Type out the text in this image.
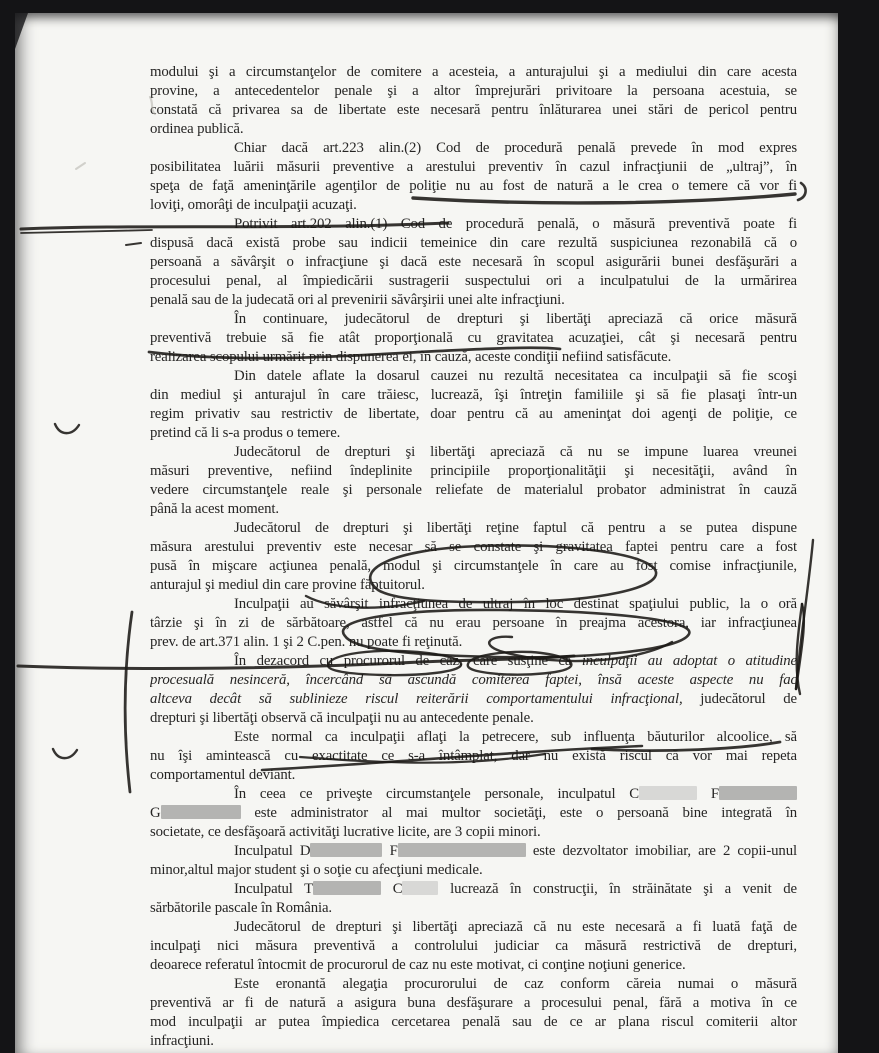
modului şi a circumstanţelor de comitere a acesteia, a anturajului şi a mediului din care acesta
provine, a antecedentelor penale şi a altor împrejurări privitoare la persoana acestuia, se
constată că privarea sa de libertate este necesară pentru înlăturarea unei stări de pericol pentru
ordinea publică.
Chiar dacă art.223 alin.(2) Cod de procedură penală prevede în mod expres
posibilitatea luării măsurii preventive a arestului preventiv în cazul infracţiunii de „ultraj”, în
speţa de faţă ameninţările agenţilor de poliţie nu au fost de natură a le crea o temere că vor fi
loviţi, omorâţi de inculpaţii acuzaţi.
Potrivit art.202 alin.(1) Cod de procedură penală, o măsură preventivă poate fi
dispusă dacă există probe sau indicii temeinice din care rezultă suspiciunea rezonabilă că o
persoană a săvârşit o infracţiune şi dacă este necesară în scopul asigurării bunei desfăşurări a
procesului penal, al împiedicării sustragerii suspectului ori a inculpatului de la urmărirea
penală sau de la judecată ori al prevenirii săvârşirii unei alte infracţiuni.
În continuare, judecătorul de drepturi şi libertăţi apreciază că orice măsură
preventivă trebuie să fie atât proporţională cu gravitatea acuzaţiei, cât şi necesară pentru
realizarea scopului urmărit prin dispunerea ei, în cauză, aceste condiţii nefiind satisfăcute.
Din datele aflate la dosarul cauzei nu rezultă necesitatea ca inculpaţii să fie scoşi
din mediul şi anturajul în care trăiesc, lucrează, îşi întreţin familiile şi să fie plasaţi într-un
regim privativ sau restrictiv de libertate, doar pentru că au ameninţat doi agenţi de poliţie, ce
pretind că li s-a produs o temere.
Judecătorul de drepturi şi libertăţi apreciază că nu se impune luarea vreunei
măsuri preventive, nefiind îndeplinite principiile proporţionalităţii şi necesităţii, având în
vedere circumstanţele reale şi personale reliefate de materialul probator administrat în cauză
până la acest moment.
Judecătorul de drepturi şi libertăţi reţine faptul că pentru a se putea dispune
măsura arestului preventiv este necesar să se constate şi gravitatea faptei pentru care a fost
pusă în mişcare acţiunea penală, modul şi circumstanţele în care au fost comise infracţiunile,
anturajul şi mediul din care provine făptuitorul.
Inculpaţii au săvârşit infracţiunea de ultraj în loc destinat spaţiului public, la o oră
târzie şi în zi de sărbătoare, astfel că nu erau persoane în preajma acestora, iar infracţiunea
prev. de art.371 alin. 1 şi 2 C.pen. nu poate fi reţinută.
În dezacord cu procurorul de caz, care susţine că inculpaţii au adoptat o atitudine
procesuală nesinceră, încercând să ascundă comiterea faptei, însă aceste aspecte nu fac
altceva decât să sublinieze riscul reiterării comportamentului infracţional, judecătorul de
drepturi şi libertăţi observă că inculpaţii nu au antecedente penale.
Este normal ca inculpaţii aflaţi la petrecere, sub influenţa băuturilor alcoolice, să
nu îşi amintească cu exactitate ce s-a întâmplat, dar nu există riscul că vor mai repeta
comportamentul deviant.
În ceea ce priveşte circumstanţele personale, inculpatul C	F
G	este administrator al mai multor societăţi, este o persoană bine integrată în
societate, ce desfăşoară activităţi lucrative licite, are 3 copii minori.
Inculpatul D	F	este dezvoltator imobiliar, are 2 copii-unul
minor,altul major student şi o soţie cu afecţiuni medicale.
Inculpatul T	C lucrează în construcţii, în străinătate şi a venit de
sărbătorile pascale în România.
Judecătorul de drepturi şi libertăţi apreciază că nu este necesară a fi luată faţă de
inculpaţi nici măsura preventivă a controlului judiciar ca măsură restrictivă de drepturi,
deoarece referatul întocmit de procurorul de caz nu este motivat, ci conţine noţiuni generice.
Este eronantă alegaţia procurorului de caz conform căreia numai o măsură
preventivă ar fi de natură a asigura buna desfăşurare a procesului penal, fără a motiva în ce
mod inculpaţii ar putea împiedica cercetarea penală sau de ce ar plana riscul comiterii altor
infracţiuni.
